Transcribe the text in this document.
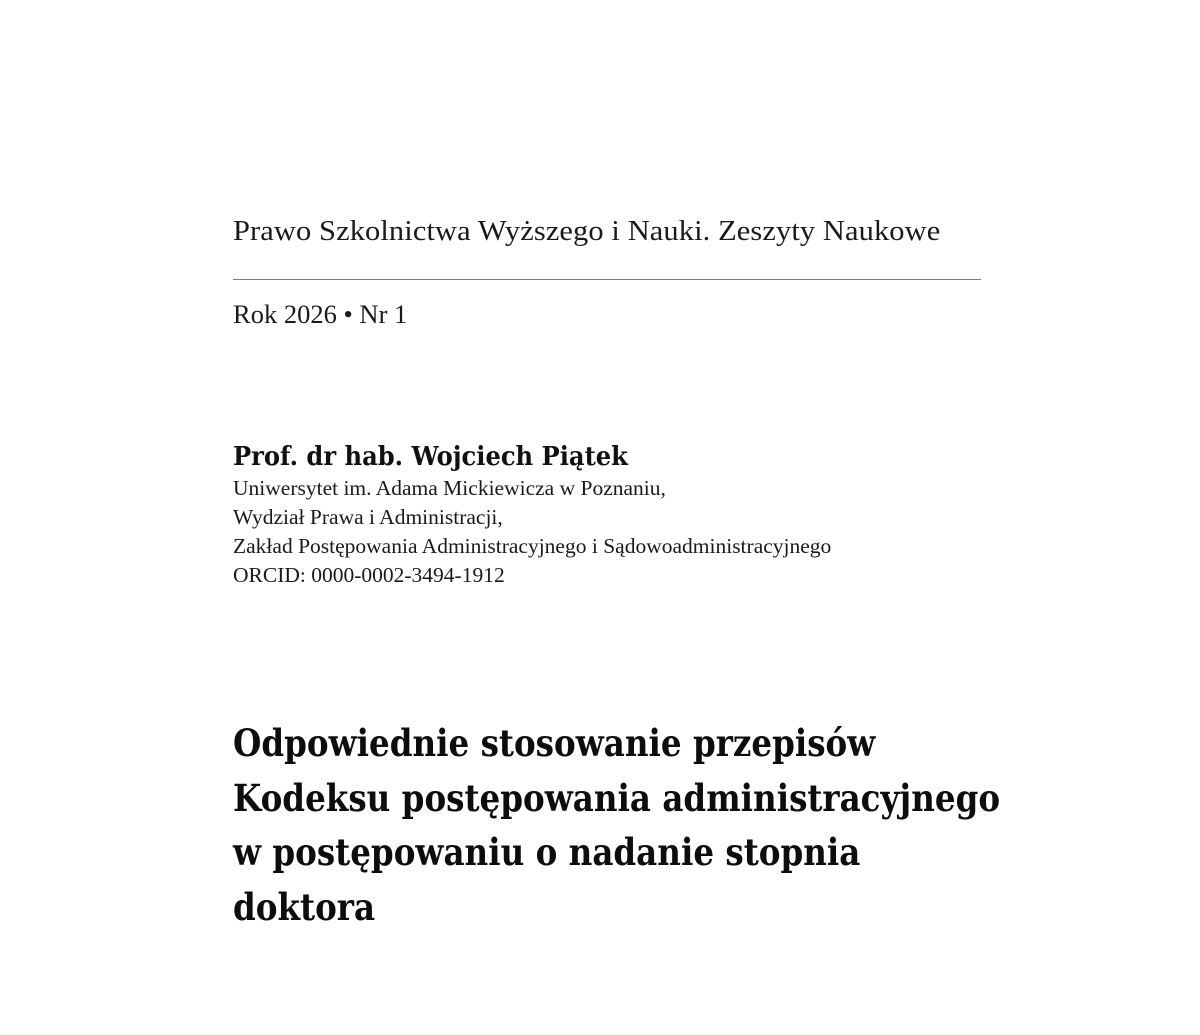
Prawo Szkolnictwa Wyższego i Nauki. Zeszyty Naukowe
Rok 2026 • Nr 1
Prof. dr hab. Wojciech Piątek
Uniwersytet im. Adama Mickiewicza w Poznaniu,
Wydział Prawa i Administracji,
Zakład Postępowania Administracyjnego i Sądowoadministracyjnego
ORCID: 0000-0002-3494-1912
Odpowiednie stosowanie przepisów
Kodeksu postępowania administracyjnego
w postępowaniu o nadanie stopnia
doktora
